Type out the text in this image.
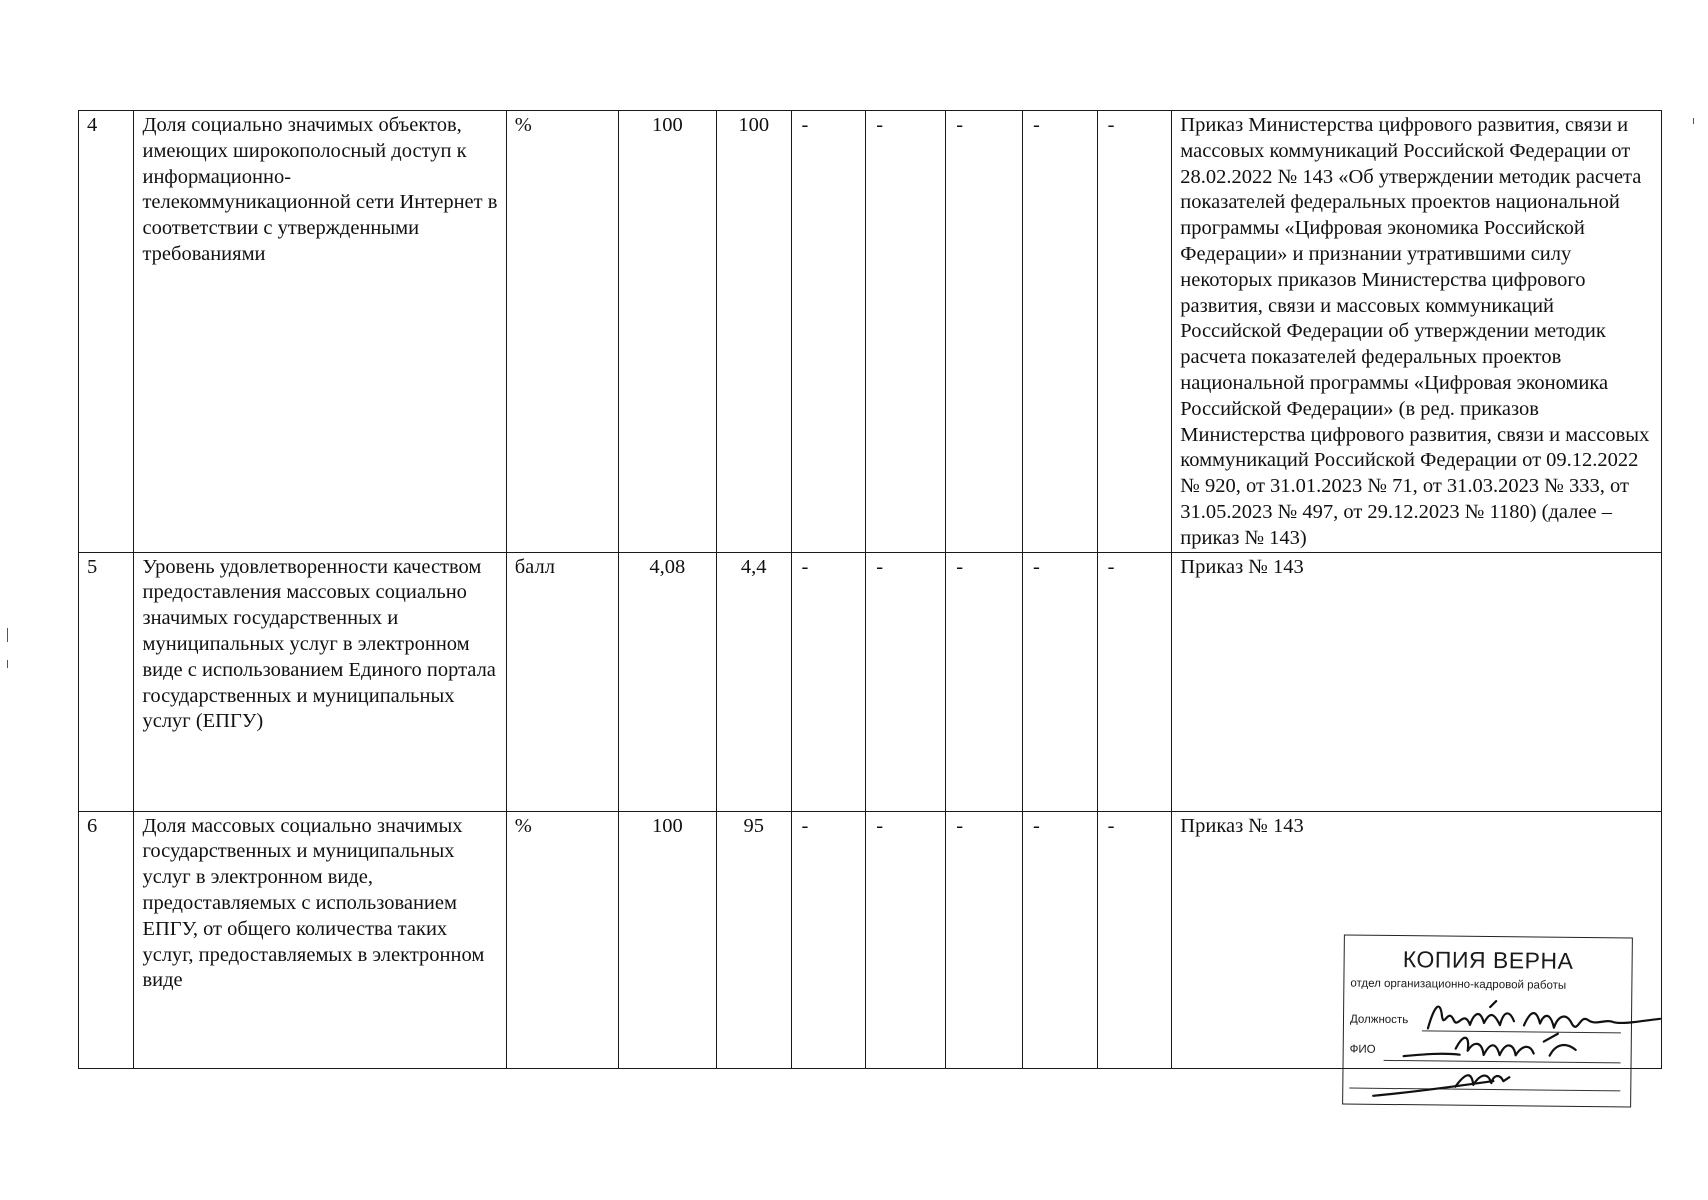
4	Доля социально значимых объектов, имеющих широкополосный доступ к информационно-телекоммуникационной сети Интернет в соответствии с утвержденными требованиями	%	100	100	-	-	-	-	-	Приказ Министерства цифрового развития, связи и массовых коммуникаций Российской Федерации от 28.02.2022 № 143 «Об утверждении методик расчета показателей федеральных проектов национальной программы «Цифровая экономика Российской Федерации» и признании утратившими силу некоторых приказов Министерства цифрового развития, связи и массовых коммуникаций Российской Федерации об утверждении методик расчета показателей федеральных проектов национальной программы «Цифровая экономика Российской Федерации» (в ред. приказов Министерства цифрового развития, связи и массовых коммуникаций Российской Федерации от 09.12.2022 № 920, от 31.01.2023 № 71, от 31.03.2023 № 333, от 31.05.2023 № 497, от 29.12.2023 № 1180) (далее – приказ № 143)
5	Уровень удовлетворенности качеством предоставления массовых социально значимых государственных и муниципальных услуг в электронном виде с использованием Единого портала государственных и муниципальных услуг (ЕПГУ)	балл	4,08	4,4	-	-	-	-	-	Приказ № 143
6	Доля массовых социально значимых государственных и муниципальных услуг в электронном виде, предоставляемых с использованием ЕПГУ, от общего количества таких услуг, предоставляемых в электронном виде	%	100	95	-	-	-	-	-	Приказ № 143
КОПИЯ ВЕРНА
отдел организационно-кадровой работы
Должность
ФИО
